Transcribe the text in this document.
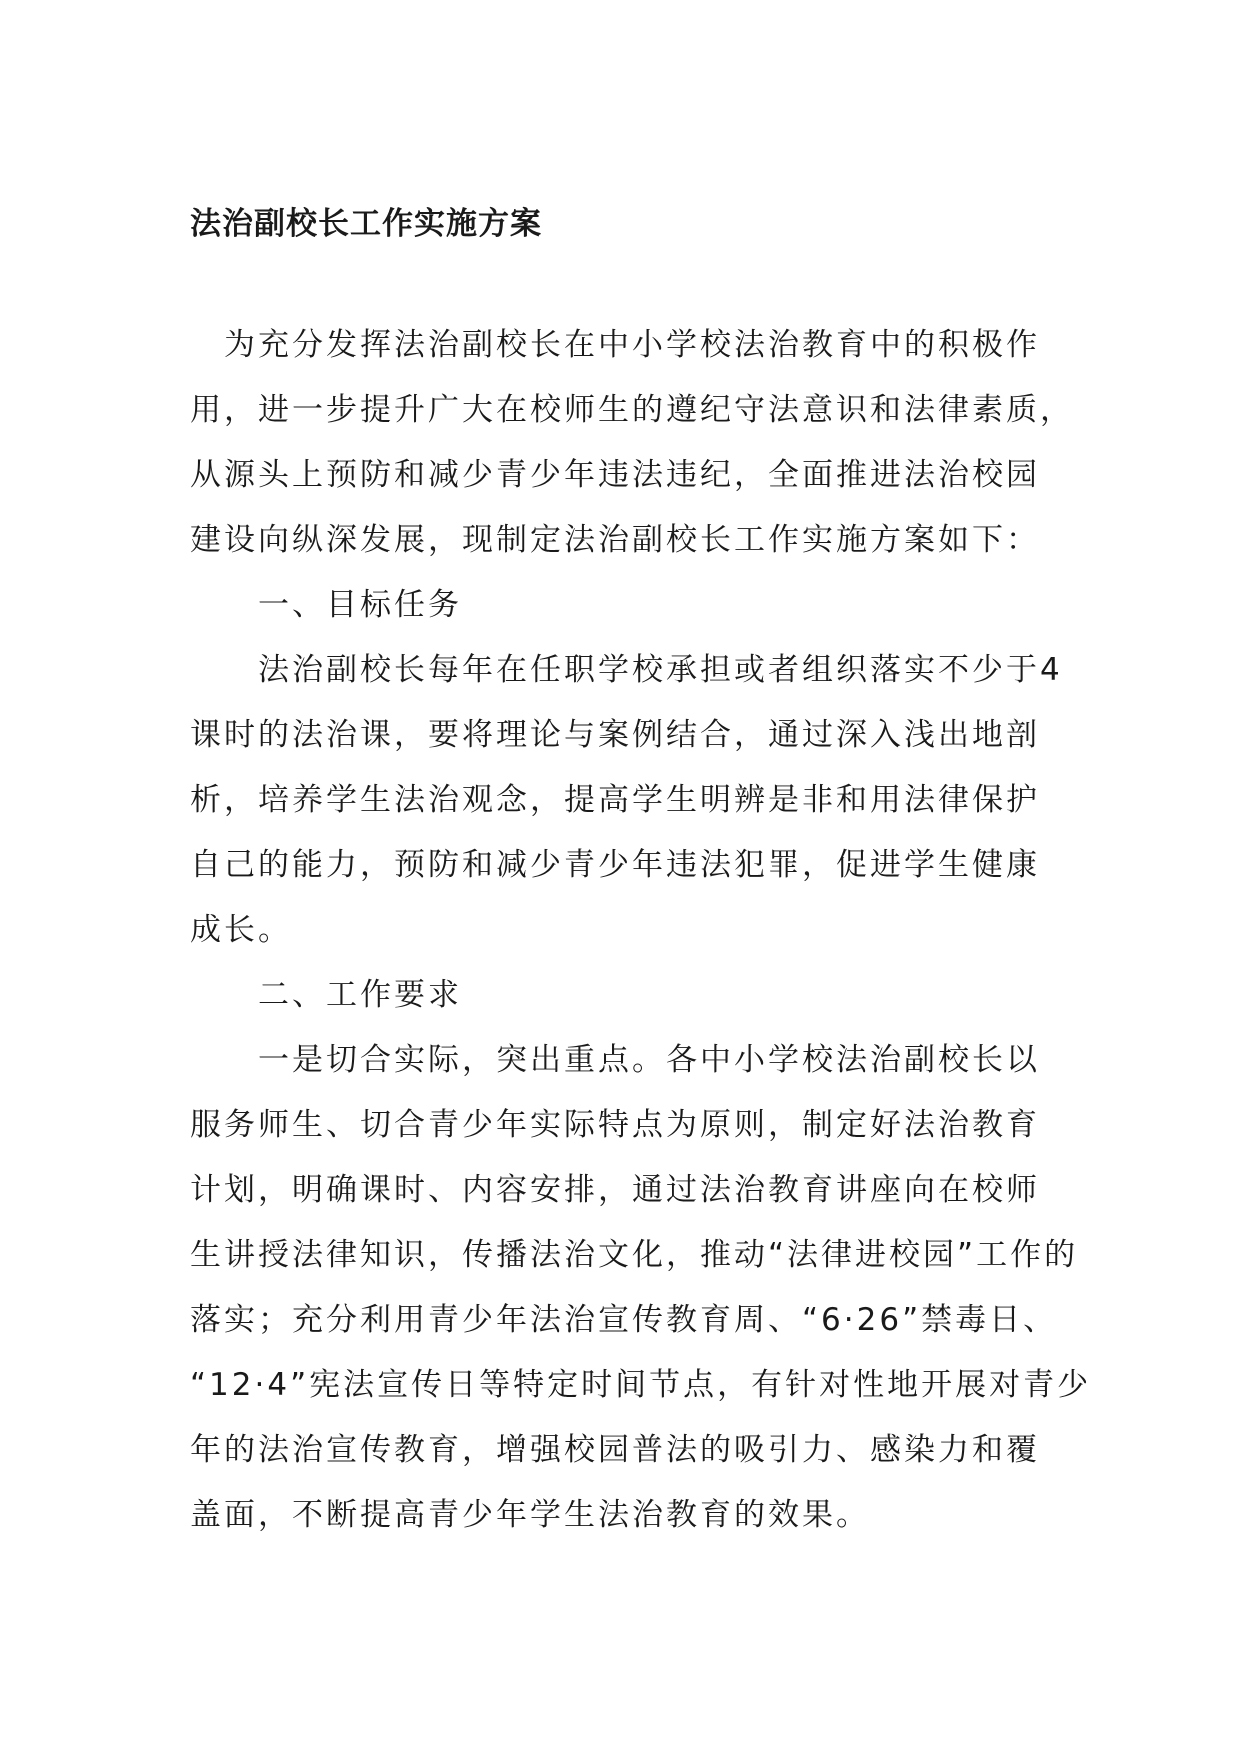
法治副校长工作实施方案
　为充分发挥法治副校长在中小学校法治教育中的积极作
用，进一步提升广大在校师生的遵纪守法意识和法律素质，
从源头上预防和减少青少年违法违纪，全面推进法治校园
建设向纵深发展，现制定法治副校长工作实施方案如下：
　　一、目标任务
　　法治副校长每年在任职学校承担或者组织落实不少于4
课时的法治课，要将理论与案例结合，通过深入浅出地剖
析，培养学生法治观念，提高学生明辨是非和用法律保护
自己的能力，预防和减少青少年违法犯罪，促进学生健康
成长。
　　二、工作要求
　　一是切合实际，突出重点。各中小学校法治副校长以
服务师生、切合青少年实际特点为原则，制定好法治教育
计划，明确课时、内容安排，通过法治教育讲座向在校师
生讲授法律知识，传播法治文化，推动“法律进校园”工作的
落实；充分利用青少年法治宣传教育周、“6·26”禁毒日、
“12·4”宪法宣传日等特定时间节点，有针对性地开展对青少
年的法治宣传教育，增强校园普法的吸引力、感染力和覆
盖面，不断提高青少年学生法治教育的效果。
